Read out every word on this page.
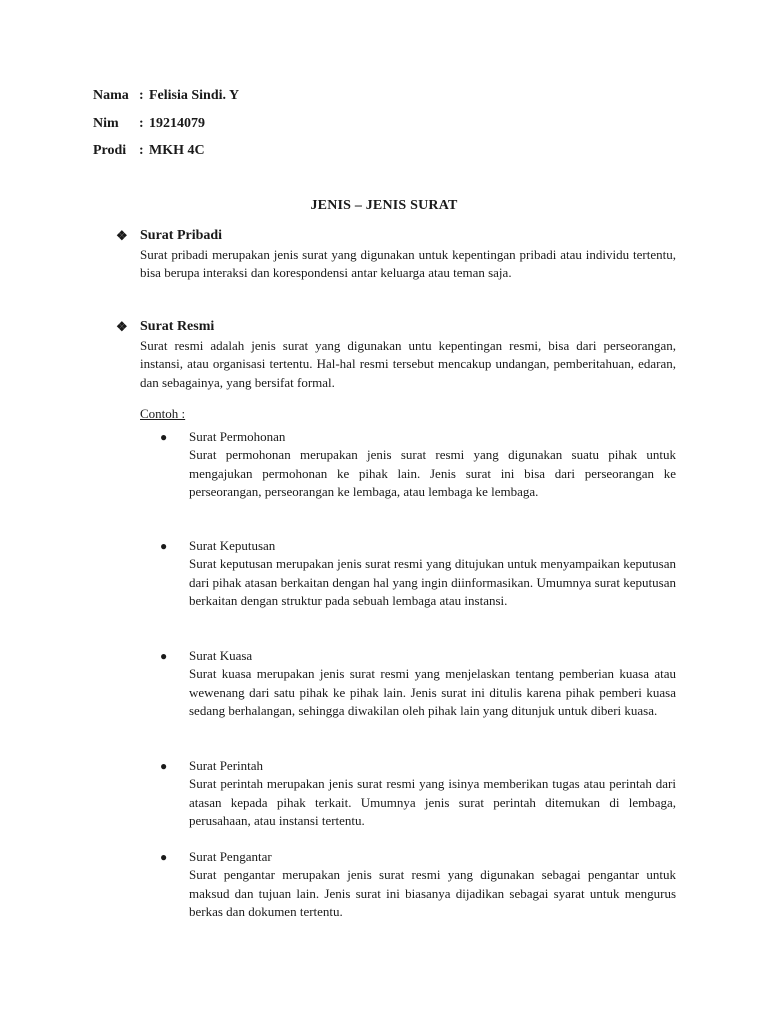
Nama : Felisia Sindi. Y
Nim	: 19214079
Prodi : MKH 4C
JENIS – JENIS SURAT
❖ Surat Pribadi
Surat pribadi merupakan jenis surat yang digunakan untuk kepentingan pribadi atau individu tertentu, bisa berupa interaksi dan korespondensi antar keluarga atau teman saja.
❖ Surat Resmi
Surat resmi adalah jenis surat yang digunakan untu kepentingan resmi, bisa dari perseorangan, instansi, atau organisasi tertentu. Hal-hal resmi tersebut mencakup undangan, pemberitahuan, edaran, dan sebagainya, yang bersifat formal.
Contoh :
●	Surat Permohonan
Surat permohonan merupakan jenis surat resmi yang digunakan suatu pihak untuk mengajukan permohonan ke pihak lain. Jenis surat ini bisa dari perseorangan ke perseorangan, perseorangan ke lembaga, atau lembaga ke lembaga.
●	Surat Keputusan
Surat keputusan merupakan jenis surat resmi yang ditujukan untuk menyampaikan keputusan dari pihak atasan berkaitan dengan hal yang ingin diinformasikan. Umumnya surat keputusan berkaitan dengan struktur pada sebuah lembaga atau instansi.
●	Surat Kuasa
Surat kuasa merupakan jenis surat resmi yang menjelaskan tentang pemberian kuasa atau wewenang dari satu pihak ke pihak lain. Jenis surat ini ditulis karena pihak pemberi kuasa sedang berhalangan, sehingga diwakilan oleh pihak lain yang ditunjuk untuk diberi kuasa.
●	Surat Perintah
Surat perintah merupakan jenis surat resmi yang isinya memberikan tugas atau perintah dari atasan kepada pihak terkait. Umumnya jenis surat perintah ditemukan di lembaga, perusahaan, atau instansi tertentu.
●	Surat Pengantar
Surat pengantar merupakan jenis surat resmi yang digunakan sebagai pengantar untuk maksud dan tujuan lain. Jenis surat ini biasanya dijadikan sebagai syarat untuk mengurus berkas dan dokumen tertentu.
